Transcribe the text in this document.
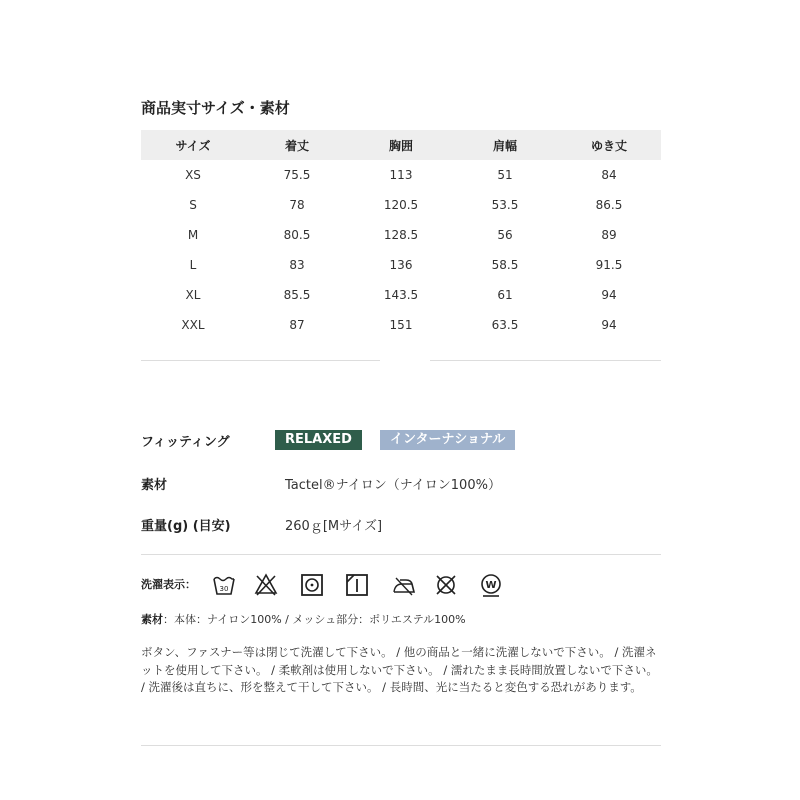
商品実寸サイズ・素材
サイズ	着丈	胸囲	肩幅	ゆき丈
XS	75.5	113	51	84
S	78	120.5	53.5	86.5
M	80.5	128.5	56	89
L	83	136	58.5	91.5
XL	85.5	143.5	61	94
XXL	87	151	63.5	94
フィッティング	RELAXED	インターナショナル
素材	Tactel®ナイロン（ナイロン100%）
重量(g) (目安)	260ｇ[Mサイズ]
洗濯表示：	30	W
素材：本体：ナイロン100% / メッシュ部分：ポリエステル100%
ボタン、ファスナー等は閉じて洗濯して下さい。 / 他の商品と一緒に洗濯しないで下さい。 / 洗濯ネットを使用して下さい。 / 柔軟剤は使用しないで下さい。 / 濡れたまま長時間放置しないで下さい。 / 洗濯後は直ちに、形を整えて干して下さい。 / 長時間、光に当たると変色する恐れがあります。
